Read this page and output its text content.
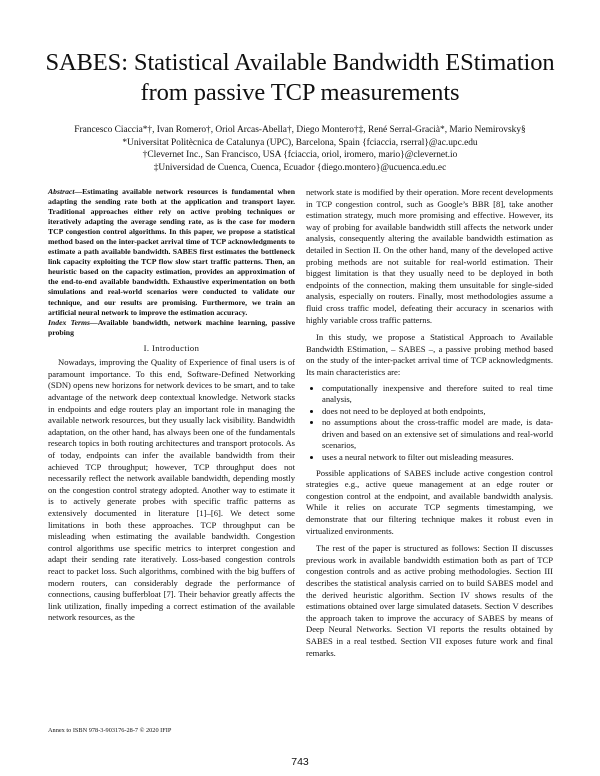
SABES: Statistical Available Bandwidth EStimation
from passive TCP measurements
Francesco Ciaccia*†, Ivan Romero†, Oriol Arcas-Abella†, Diego Montero†‡, René Serral-Gracià*, Mario Nemirovsky§
*Universitat Politècnica de Catalunya (UPC), Barcelona, Spain {fciaccia, rserral}@ac.upc.edu
†Clevernet Inc., San Francisco, USA {fciaccia, oriol, iromero, mario}@clevernet.io
‡Universidad de Cuenca, Cuenca, Ecuador {diego.montero}@ucuenca.edu.ec
Abstract—Estimating available network resources is fundamental when adapting the sending rate both at the application and transport layer. Traditional approaches either rely on active probing techniques or iteratively adapting the average sending rate, as is the case for modern TCP congestion control algorithms. In this paper, we propose a statistical method based on the inter-packet arrival time of TCP acknowledgments to estimate a path available bandwidth. SABES first estimates the bottleneck link capacity exploiting the TCP flow slow start traffic patterns. Then, an heuristic based on the capacity estimation, provides an approximation of the end-to-end available bandwidth. Exhaustive experimentation on both simulations and real-world scenarios were conducted to validate our technique, and our results are promising. Furthermore, we train an artificial neural network to improve the estimation accuracy.
Index Terms—Available bandwidth, network machine learning, passive probing
I. Introduction

Nowadays, improving the Quality of Experience of final users is of paramount importance. To this end, Software-Defined Networking (SDN) opens new horizons for network devices to be smart, and to take advantage of the network deep contextual knowledge. Network stacks in endpoints and edge routers play an important role in managing the available network resources, but they usually lack visibility. Bandwidth adaptation, on the other hand, has always been one of the fundamentals research topics in both routing architectures and transport protocols. As of today, endpoints can infer the available bandwidth from their achieved TCP throughput; however, TCP throughput does not necessarily reflect the network available bandwidth, depending mostly on the congestion control strategy adopted. Another way to estimate it is to actively generate probes with specific traffic patterns as extensively documented in literature [1]–[6]. We detect some limitations in both these approaches. TCP throughput can be misleading when estimating the available bandwidth. Congestion control algorithms use specific metrics to interpret congestion and adapt their sending rate iteratively. Loss-based congestion controls react to packet loss. Such algorithms, combined with the big buffers of modern routers, can considerably degrade the performance of connections, causing bufferbloat [7]. Their behavior greatly affects the link utilization, finally impeding a correct estimation of the available network resources, as the

network state is modified by their operation. More recent developments in TCP congestion control, such as Google’s BBR [8], take another estimation strategy, much more promising and effective. However, its way of probing for available bandwidth still affects the network under analysis, consequently altering the available bandwidth estimation as detailed in Section II. On the other hand, many of the developed active probing methods are not suitable for real-world estimation. Their biggest limitation is that they usually need to be deployed in both endpoints of the connection, making them unsuitable for single-sided analysis, especially on routers. Finally, most methodologies assume a fluid cross traffic model, defeating their accuracy in scenarios with highly variable cross traffic patterns.

In this study, we propose a Statistical Approach to Available Bandwidth EStimation, – SABES –, a passive probing method based on the study of the inter-packet arrival time of TCP acknowledgments. Its main characteristics are:

• computationally inexpensive and therefore suited to real time analysis,
• does not need to be deployed at both endpoints,
• no assumptions about the cross-traffic model are made, is data-driven and based on an extensive set of simulations and real-world scenarios,
• uses a neural network to filter out misleading measures.

Possible applications of SABES include active congestion control strategies e.g., active queue management at an edge router or congestion control at the endpoint, and available bandwidth analysis. While it relies on accurate TCP segments timestamping, we demonstrate that our filtering technique makes it robust even in virtualized environments.

The rest of the paper is structured as follows: Section II discusses previous work in available bandwidth estimation both as part of TCP congestion controls and as active probing methodologies. Section III describes the statistical analysis carried on to build SABES model and the derived heuristic algorithm. Section IV shows results of the estimations obtained over large simulated datasets. Section V describes the approach taken to improve the accuracy of SABES by means of Deep Neural Networks. Section VI reports the results obtained by SABES in a real testbed. Section VII exposes future work and final remarks.

Annex to ISBN 978-3-903176-28-7 © 2020 IFIP
743
